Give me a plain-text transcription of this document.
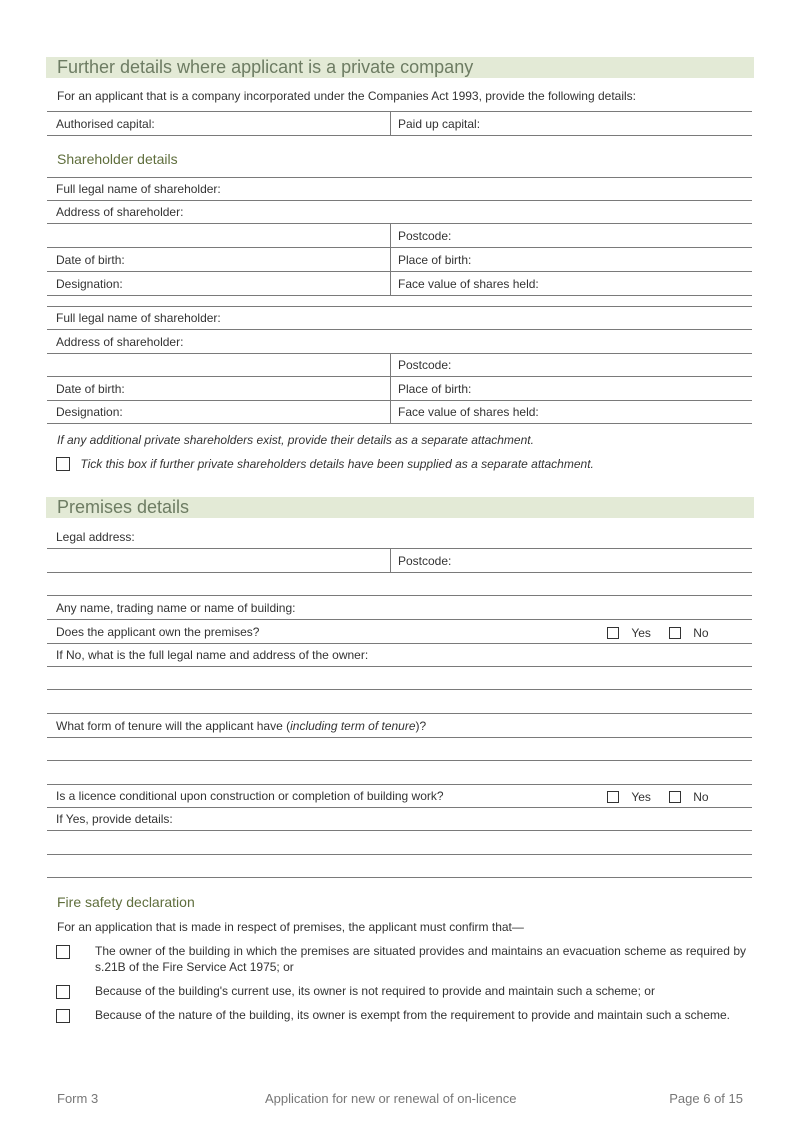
Further details where applicant is a private company
For an applicant that is a company incorporated under the Companies Act 1993, provide the following details:
Authorised capital:	Paid up capital:
Shareholder details
Full legal name of shareholder:
Address of shareholder:
Postcode:
Date of birth:	Place of birth:
Designation:	Face value of shares held:
Full legal name of shareholder:
Address of shareholder:
Postcode:
Date of birth:	Place of birth:
Designation:	Face value of shares held:
If any additional private shareholders exist, provide their details as a separate attachment.
Tick this box if further private shareholders details have been supplied as a separate attachment.
Premises details
Legal address:
Postcode:
Any name, trading name or name of building:
Does the applicant own the premises?	Yes	No
If No, what is the full legal name and address of the owner:
What form of tenure will the applicant have (including term of tenure)?
Is a licence conditional upon construction or completion of building work?	Yes	No
If Yes, provide details:
Fire safety declaration
For an application that is made in respect of premises, the applicant must confirm that—

The owner of the building in which the premises are situated provides and maintains an evacuation scheme as required by s.21B of the Fire Service Act 1975; or

Because of the building's current use, its owner is not required to provide and maintain such a scheme; or

Because of the nature of the building, its owner is exempt from the requirement to provide and maintain such a scheme.

Form 3	Application for new or renewal of on-licence	Page 6 of 15
